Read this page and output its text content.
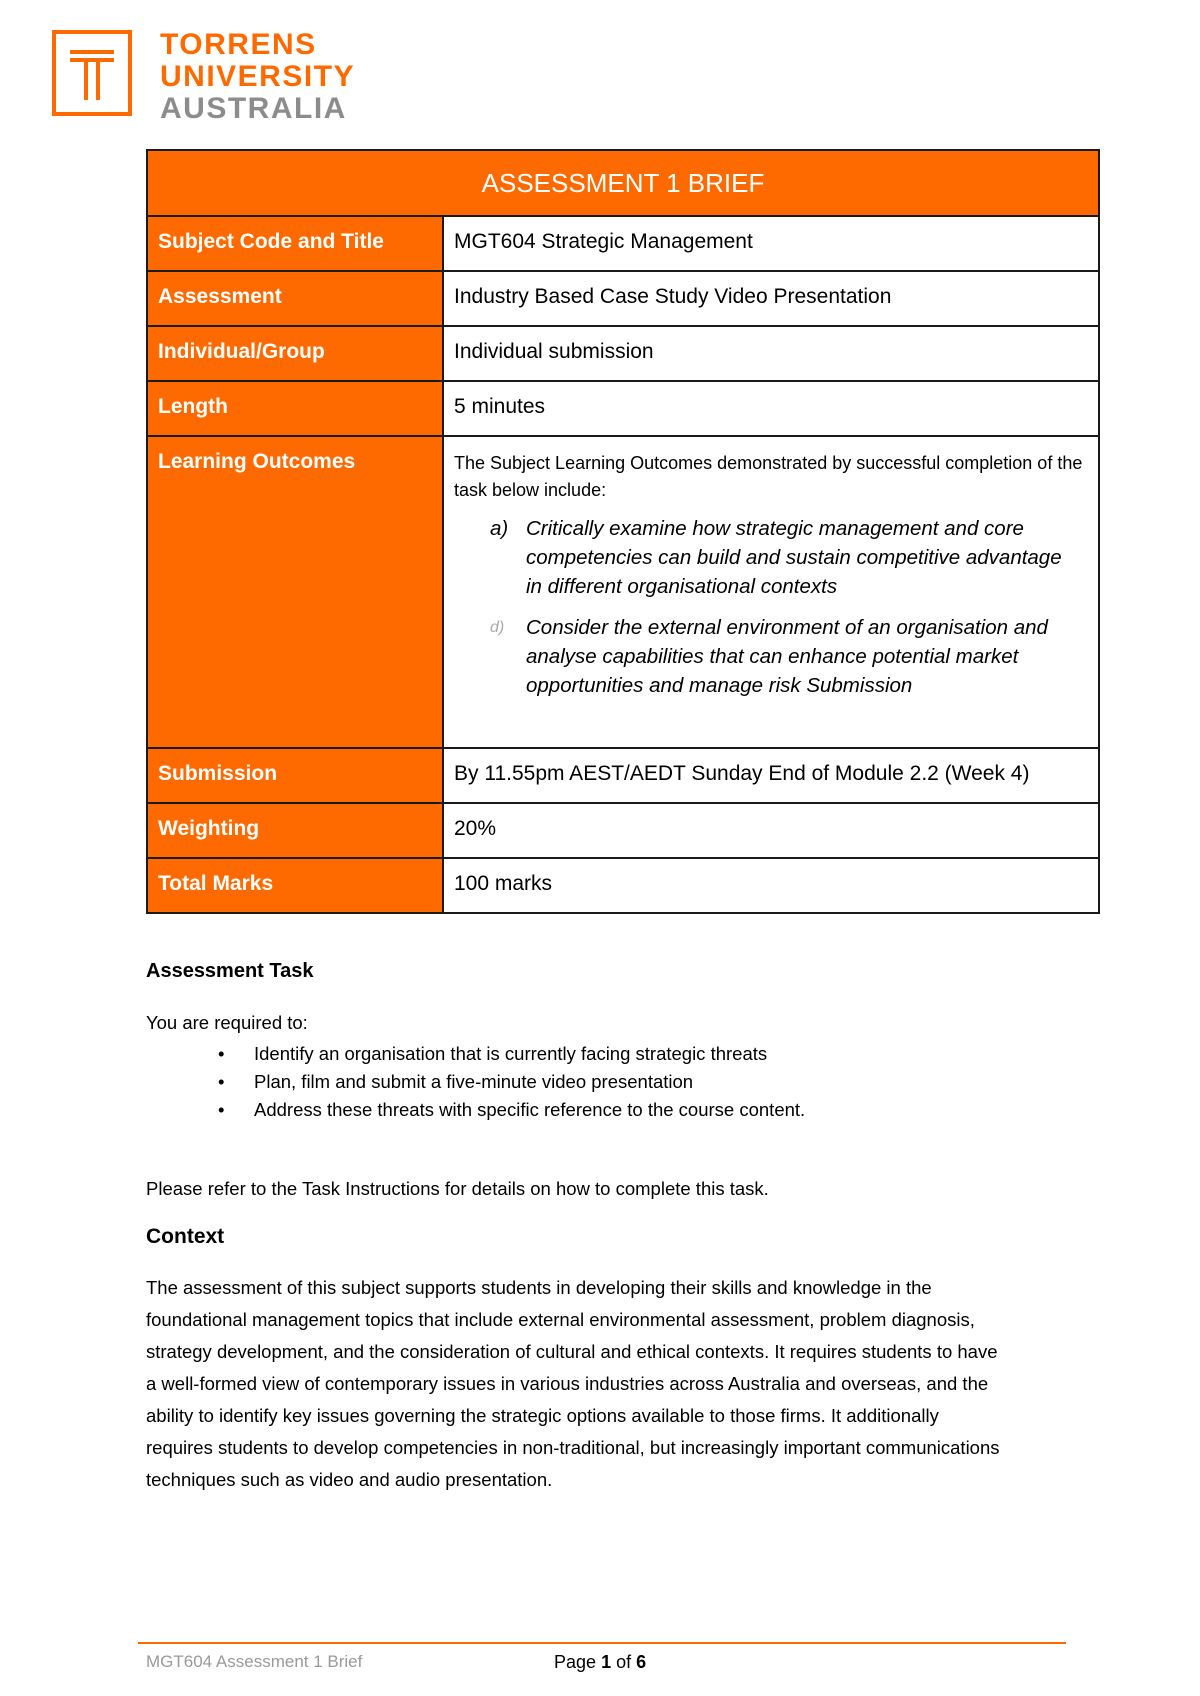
TORRENS
UNIVERSITY
AUSTRALIA
ASSESSMENT 1 BRIEF
Subject Code and Title	MGT604 Strategic Management
Assessment	Industry Based Case Study Video Presentation
Individual/Group	Individual submission
Length	5 minutes
Learning Outcomes	The Subject Learning Outcomes demonstrated by successful completion of the task below include:
a) Critically examine how strategic management and core competencies can build and sustain competitive advantage in different organisational contexts
d)	Consider the external environment of an organisation and analyse capabilities that can enhance potential market opportunities and manage risk Submission
Submission	By 11.55pm AEST/AEDT Sunday End of Module 2.2 (Week 4)
Weighting	20%
Total Marks	100 marks
Assessment Task
You are required to:
•	Identify an organisation that is currently facing strategic threats
•	Plan, film and submit a five-minute video presentation
•	Address these threats with specific reference to the course content.
Please refer to the Task Instructions for details on how to complete this task.
Context
The assessment of this subject supports students in developing their skills and knowledge in the foundational management topics that include external environmental assessment, problem diagnosis, strategy development, and the consideration of cultural and ethical contexts. It requires students to have a well-formed view of contemporary issues in various industries across Australia and overseas, and the ability to identify key issues governing the strategic options available to those firms. It additionally requires students to develop competencies in non-traditional, but increasingly important communications techniques such as video and audio presentation.
MGT604 Assessment 1 Brief	Page 1 of 6
